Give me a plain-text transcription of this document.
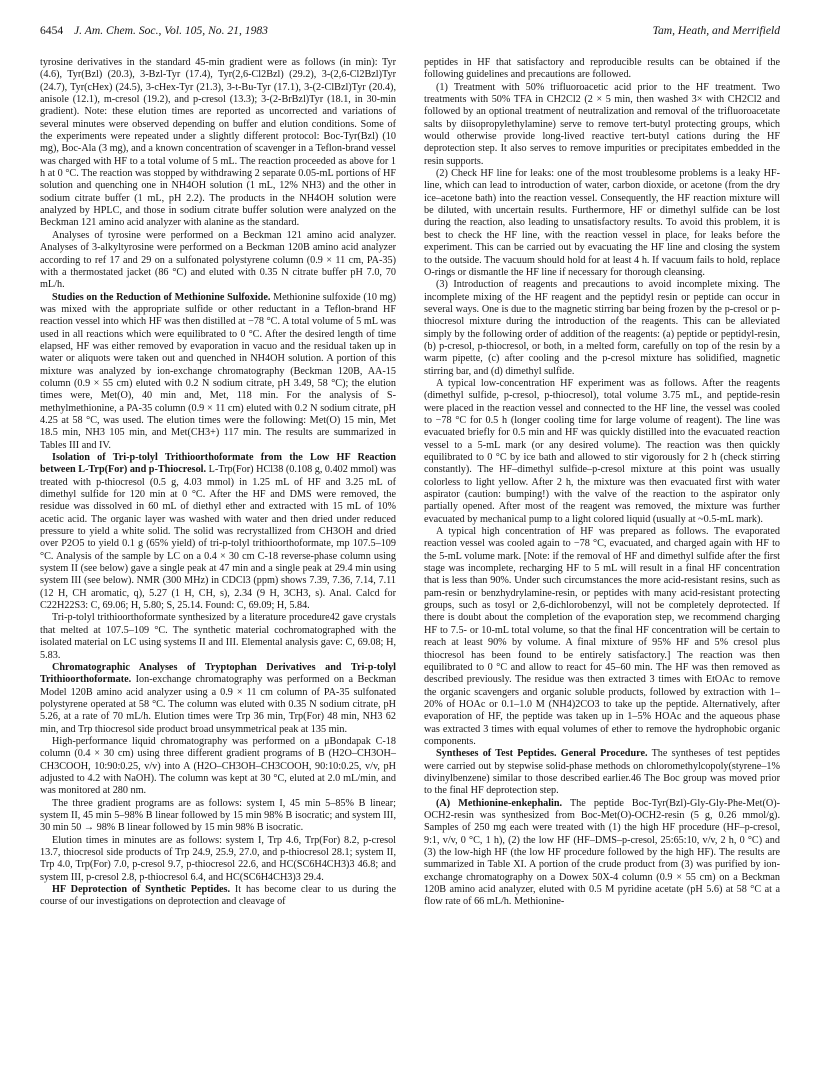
6454 J. Am. Chem. Soc., Vol. 105, No. 21, 1983	Tam, Heath, and Merrifield

tyrosine derivatives in the standard 45-min gradient were as follows (in min): Tyr (4.6), Tyr(Bzl) (20.3), 3-Bzl-Tyr (17.4), Tyr(2,6-Cl2Bzl) (29.2), 3-(2,6-Cl2Bzl)Tyr (24.7), Tyr(cHex) (24.5), 3-cHex-Tyr (21.3), 3-t-Bu-Tyr (17.1), 3-(2-ClBzl)Tyr (20.4), anisole (12.1), m-cresol (19.2), and p-cresol (13.3); 3-(2-BrBzl)Tyr (18.1, in 30-min gradient). Note: these elution times are reported as uncorrected and variations of several minutes were observed depending on buffer and elution conditions. Some of the experiments were repeated under a slightly different protocol: Boc-Tyr(Bzl) (10 mg), Boc-Ala (3 mg), and a known concentration of scavenger in a Teflon-brand vessel was charged with HF to a total volume of 5 mL. The reaction proceeded as above for 1 h at 0 °C. The reaction was stopped by withdrawing 2 separate 0.05-mL portions of HF solution and quenching one in NH4OH solution (1 mL, 12% NH3) and the other in sodium citrate buffer (1 mL, pH 2.2). The products in the NH4OH solution were analyzed by HPLC, and those in sodium citrate buffer solution were analyzed on the Beckman 121 amino acid analyzer with alanine as the standard.

Analyses of tyrosine were performed on a Beckman 121 amino acid analyzer. Analyses of 3-alkyltyrosine were performed on a Beckman 120B amino acid analyzer according to ref 17 and 29 on a sulfonated polystyrene column (0.9 × 11 cm, PA-35) with a thermostated jacket (86 °C) and eluted with 0.35 N citrate buffer pH 7.0, 70 mL/h.

Studies on the Reduction of Methionine Sulfoxide. Methionine sulfoxide (10 mg) was mixed with the appropriate sulfide or other reductant in a Teflon-brand HF reaction vessel into which HF was then distilled at −78 °C. A total volume of 5 mL was used in all reactions which were equilibrated to 0 °C. After the desired length of time elapsed, HF was either removed by evaporation in vacuo and the residual taken up in water or aliquots were taken out and quenched in NH4OH solution. A portion of this mixture was analyzed by ion-exchange chromatography (Beckman 120B, AA-15 column (0.9 × 55 cm) eluted with 0.2 N sodium citrate, pH 3.49, 58 °C); the elution times were, Met(O), 40 min and, Met, 118 min. For the analysis of S-methylmethionine, a PA-35 column (0.9 × 11 cm) eluted with 0.2 N sodium citrate, pH 4.25 at 58 °C, was used. The elution times were the following: Met(O) 15 min, Met 18.5 min, NH3 105 min, and Met(CH3+) 117 min. The results are summarized in Tables III and IV.

Isolation of Tri-p-tolyl Trithioorthoformate from the Low HF Reaction between L-Trp(For) and p-Thiocresol. L-Trp(For) HCl38 (0.108 g, 0.402 mmol) was treated with p-thiocresol (0.5 g, 4.03 mmol) in 1.25 mL of HF and 3.25 mL of dimethyl sulfide for 120 min at 0 °C. After the HF and DMS were removed, the residue was dissolved in 60 mL of diethyl ether and extracted with 15 mL of 10% acetic acid. The organic layer was washed with water and then dried under reduced pressure to yield a white solid. The solid was recrystallized from CH3OH and dried over P2O5 to yield 0.1 g (65% yield) of tri-p-tolyl trithioorthoformate, mp 107.5–109 °C. Analysis of the sample by LC on a 0.4 × 30 cm C-18 reverse-phase column using system II (see below) gave a single peak at 47 min and a single peak at 29.4 min using system III (see below). NMR (300 MHz) in CDCl3 (ppm) shows 7.39, 7.36, 7.14, 7.11 (12 H, CH aromatic, q), 5.27 (1 H, CH, s), 2.34 (9 H, 3CH3, s). Anal. Calcd for C22H22S3: C, 69.06; H, 5.80; S, 25.14. Found: C, 69.09; H, 5.84.

Tri-p-tolyl trithioorthoformate synthesized by a literature procedure42 gave crystals that melted at 107.5–109 °C. The synthetic material cochromatographed with the isolated material on LC using systems II and III. Elemental analysis gave: C, 69.08; H, 5.83.

Chromatographic Analyses of Tryptophan Derivatives and Tri-p-tolyl Trithioorthoformate. Ion-exchange chromatography was performed on a Beckman Model 120B amino acid analyzer using a 0.9 × 11 cm column of PA-35 sulfonated polystyrene operated at 58 °C. The column was eluted with 0.35 N sodium citrate, pH 5.26, at a rate of 70 mL/h. Elution times were Trp 36 min, Trp(For) 48 min, NH3 62 min, and Trp thiocresol side product broad unsymmetrical peak at 135 min.

High-performance liquid chromatography was performed on a μBondapak C-18 column (0.4 × 30 cm) using three different gradient programs of B (H2O–CH3OH–CH3COOH, 10:90:0.25, v/v) into A (H2O–CH3OH–CH3COOH, 90:10:0.25, v/v, pH adjusted to 4.2 with NaOH). The column was kept at 30 °C, eluted at 2.0 mL/min, and was monitored at 280 nm.

The three gradient programs are as follows: system I, 45 min 5–85% B linear; system II, 45 min 5–98% B linear followed by 15 min 98% B isocratic; and system III, 30 min 50 → 98% B linear followed by 15 min 98% B isocratic.

Elution times in minutes are as follows: system I, Trp 4.6, Trp(For) 8.2, p-cresol 13.7, thiocresol side products of Trp 24.9, 25.9, 27.0, and p-thiocresol 28.1; system II, Trp 4.0, Trp(For) 7.0, p-cresol 9.7, p-thiocresol 22.6, and HC(SC6H4CH3)3 46.8; and system III, p-cresol 2.8, p-thiocresol 6.4, and HC(SC6H4CH3)3 29.4.

HF Deprotection of Synthetic Peptides. It has become clear to us during the course of our investigations on deprotection and cleavage of

peptides in HF that satisfactory and reproducible results can be obtained if the following guidelines and precautions are followed.

(1) Treatment with 50% trifluoroacetic acid prior to the HF treatment. Two treatments with 50% TFA in CH2Cl2 (2 × 5 min, then washed 3× with CH2Cl2 and followed by an optional treatment of neutralization and removal of the trifluoroacetate salts by diisopropylethylamine) serve to remove tert-butyl protecting groups, which would otherwise provide long-lived reactive tert-butyl cations during the HF deprotection step. It also serves to remove impurities or precipitates embedded in the resin supports.

(2) Check HF line for leaks: one of the most troublesome problems is a leaky HF-line, which can lead to introduction of water, carbon dioxide, or acetone (from the dry ice–acetone bath) into the reaction vessel. Consequently, the HF reaction mixture will be diluted, with uncertain results. Furthermore, HF or dimethyl sulfide can be lost during the reaction, also leading to unsatisfactory results. To avoid this problem, it is best to check the HF line, with the reaction vessel in place, for leaks before the experiment. This can be carried out by evacuating the HF line and closing the system to the outside. The vacuum should hold for at least 4 h. If vacuum fails to hold, replace O-rings or dismantle the HF line if necessary for thorough cleansing.

(3) Introduction of reagents and precautions to avoid incomplete mixing. The incomplete mixing of the HF reagent and the peptidyl resin or peptide can occur in several ways. One is due to the magnetic stirring bar being frozen by the p-cresol or p-thiocresol mixture during the introduction of the reagents. This can be alleviated simply by the following order of addition of the reagents: (a) peptide or peptidyl-resin, (b) p-cresol, p-thiocresol, or both, in a melted form, carefully on top of the resin by a warm pipette, (c) after cooling and the p-cresol mixture has solidified, magnetic stirring bar, and (d) dimethyl sulfide.

A typical low-concentration HF experiment was as follows. After the reagents (dimethyl sulfide, p-cresol, p-thiocresol), total volume 3.75 mL, and peptide-resin were placed in the reaction vessel and connected to the HF line, the vessel was cooled to −78 °C for 0.5 h (longer cooling time for large volume of reagent). The line was evacuated briefly for 0.5 min and HF was quickly distilled into the evacuated reaction vessel to a 5-mL mark (or any desired volume). The reaction was then quickly equilibrated to 0 °C by ice bath and allowed to stir vigorously for 2 h (check stirring constantly). The HF–dimethyl sulfide–p-cresol mixture at this point was usually colorless to light yellow. After 2 h, the mixture was then evacuated first with water aspirator (caution: bumping!) with the valve of the reaction to the aspirator only partially opened. After most of the reagent was removed, the mixture was further evacuated by mechanical pump to a light colored liquid (usually at ~0.5-mL mark).

A typical high concentration of HF was prepared as follows. The evaporated reaction vessel was cooled again to −78 °C, evacuated, and charged again with HF to the 5-mL volume mark. [Note: if the removal of HF and dimethyl sulfide after the first stage was incomplete, recharging HF to 5 mL will result in a final HF concentration that is less than 90%. Under such circumstances the more acid-resistant resins, such as pam-resin or benzhydrylamine-resin, or peptides with many acid-resistant protecting groups, such as tosyl or 2,6-dichlorobenzyl, will not be completely deprotected. If there is doubt about the completion of the evaporation step, we recommend charging HF to 7.5- or 10-mL total volume, so that the final HF concentration will be certain to reach at least 90% by volume. A final mixture of 95% HF and 5% cresol plus thiocresol has been found to be entirely satisfactory.] The reaction was then equilibrated to 0 °C and allow to react for 45–60 min. The HF was then removed as described previously. The residue was then extracted 3 times with EtOAc to remove the organic scavengers and organic soluble products, followed by extraction with 1–20% of HOAc or 0.1–1.0 M (NH4)2CO3 to take up the peptide. Alternatively, after evaporation of HF, the peptide was taken up in 1–5% HOAc and the aqueous phase was extracted 3 times with equal volumes of ether to remove the hydrophobic organic components.

Syntheses of Test Peptides. General Procedure. The syntheses of test peptides were carried out by stepwise solid-phase methods on chloromethylcopoly(styrene–1% divinylbenzene) similar to those described earlier.46 The Boc group was moved prior to the final HF deprotection step.

(A) Methionine-enkephalin. The peptide Boc-Tyr(Bzl)-Gly-Gly-Phe-Met(O)-OCH2-resin was synthesized from Boc-Met(O)-OCH2-resin (5 g, 0.26 mmol/g). Samples of 250 mg each were treated with (1) the high HF procedure (HF–p-cresol, 9:1, v/v, 0 °C, 1 h), (2) the low HF (HF–DMS–p-cresol, 25:65:10, v/v, 2 h, 0 °C) and (3) the low-high HF (the low HF procedure followed by the high HF). The results are summarized in Table XI. A portion of the crude product from (3) was purified by ion-exchange chromatography on a Dowex 50X-4 column (0.9 × 55 cm) on a Beckman 120B amino acid analyzer, eluted with 0.5 M pyridine acetate (pH 5.6) at 58 °C at a flow rate of 66 mL/h. Methionine-
